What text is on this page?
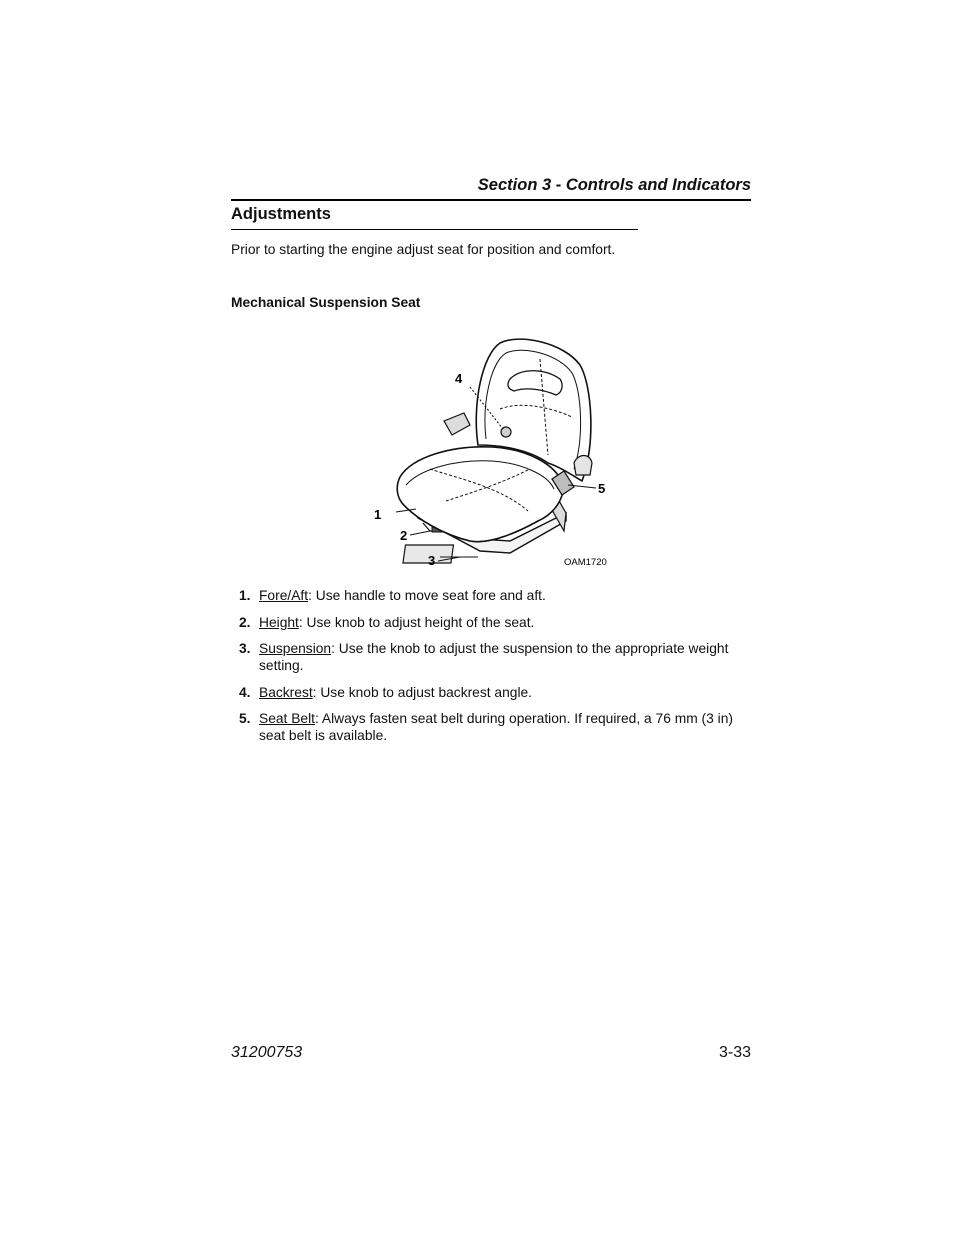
Section 3 - Controls and Indicators
Adjustments
Prior to starting the engine adjust seat for position and comfort.
Mechanical Suspension Seat
4
1
2
3
5
OAM1720
1. Fore/Aft: Use handle to move seat fore and aft.
2. Height: Use knob to adjust height of the seat.
3. Suspension: Use the knob to adjust the suspension to the appropriate weight setting.
4. Backrest: Use knob to adjust backrest angle.
5. Seat Belt: Always fasten seat belt during operation. If required, a 76 mm (3 in) seat belt is available.
31200753	3-33
